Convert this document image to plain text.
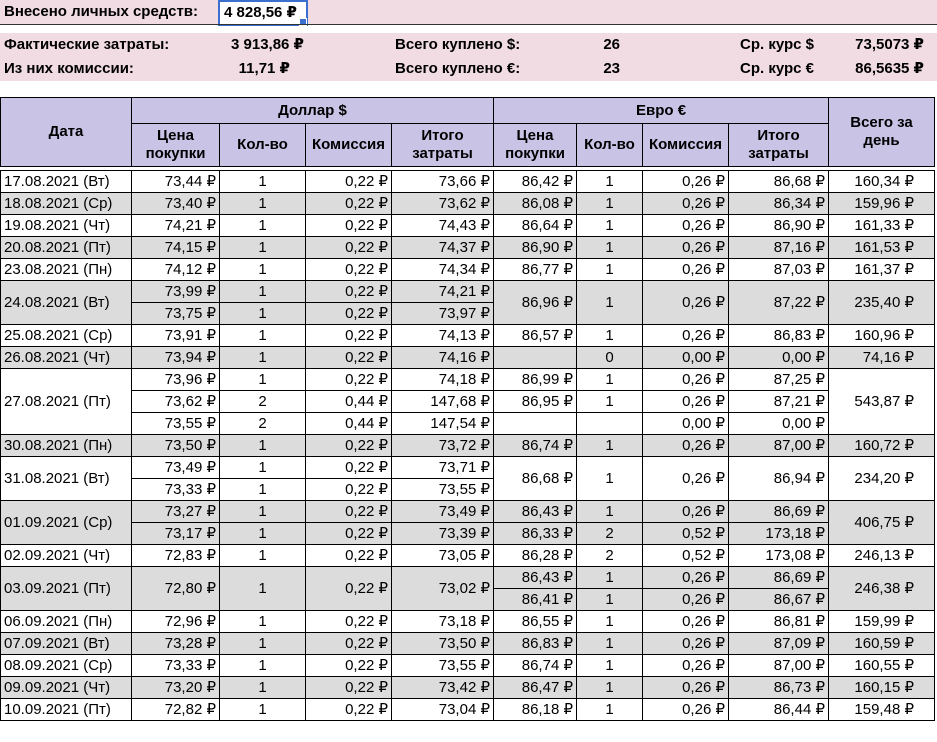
Внесено личных средств: 4 828,56 ₽
Фактические затраты:	3 913,86 ₽	Всего куплено $:	26	Ср. курс $	73,5073 ₽
Из них комиссии:	11,71 ₽	Всего куплено €:	23	Ср. курс €	86,5635 ₽
Дата	Доллар $				Евро €				Всего за день
	Цена покупки	Кол-во	Комиссия	Итого затраты	Цена покупки	Кол-во	Комиссия	Итого затраты	

17.08.2021 (Вт)	73,44 ₽	1	0,22 ₽	73,66 ₽	86,42 ₽	1	0,26 ₽	86,68 ₽	160,34 ₽
18.08.2021 (Ср)	73,40 ₽	1	0,22 ₽	73,62 ₽	86,08 ₽	1	0,26 ₽	86,34 ₽	159,96 ₽
19.08.2021 (Чт)	74,21 ₽	1	0,22 ₽	74,43 ₽	86,64 ₽	1	0,26 ₽	86,90 ₽	161,33 ₽
20.08.2021 (Пт)	74,15 ₽	1	0,22 ₽	74,37 ₽	86,90 ₽	1	0,26 ₽	87,16 ₽	161,53 ₽
23.08.2021 (Пн)	74,12 ₽	1	0,22 ₽	74,34 ₽	86,77 ₽	1	0,26 ₽	87,03 ₽	161,37 ₽
24.08.2021 (Вт)	73,99 ₽	1	0,22 ₽	74,21 ₽	86,96 ₽	1	0,26 ₽	87,22 ₽	235,40 ₽
	73,75 ₽	1	0,22 ₽	73,97 ₽					
25.08.2021 (Ср)	73,91 ₽	1	0,22 ₽	74,13 ₽	86,57 ₽	1	0,26 ₽	86,83 ₽	160,96 ₽
26.08.2021 (Чт)	73,94 ₽	1	0,22 ₽	74,16 ₽		0	0,00 ₽	0,00 ₽	74,16 ₽
27.08.2021 (Пт)	73,96 ₽	1	0,22 ₽	74,18 ₽	86,99 ₽	1	0,26 ₽	87,25 ₽	543,87 ₽
	73,62 ₽	2	0,44 ₽	147,68 ₽	86,95 ₽	1	0,26 ₽	87,21 ₽	
	73,55 ₽	2	0,44 ₽	147,54 ₽			0,00 ₽	0,00 ₽	
30.08.2021 (Пн)	73,50 ₽	1	0,22 ₽	73,72 ₽	86,74 ₽	1	0,26 ₽	87,00 ₽	160,72 ₽
31.08.2021 (Вт)	73,49 ₽	1	0,22 ₽	73,71 ₽	86,68 ₽	1	0,26 ₽	86,94 ₽	234,20 ₽
	73,33 ₽	1	0,22 ₽	73,55 ₽					
01.09.2021 (Ср)	73,27 ₽	1	0,22 ₽	73,49 ₽	86,43 ₽	1	0,26 ₽	86,69 ₽	406,75 ₽
	73,17 ₽	1	0,22 ₽	73,39 ₽	86,33 ₽	2	0,52 ₽	173,18 ₽	
02.09.2021 (Чт)	72,83 ₽	1	0,22 ₽	73,05 ₽	86,28 ₽	2	0,52 ₽	173,08 ₽	246,13 ₽
03.09.2021 (Пт)	72,80 ₽	1	0,22 ₽	73,02 ₽	86,43 ₽	1	0,26 ₽	86,69 ₽	246,38 ₽
					86,41 ₽	1	0,26 ₽	86,67 ₽	
06.09.2021 (Пн)	72,96 ₽	1	0,22 ₽	73,18 ₽	86,55 ₽	1	0,26 ₽	86,81 ₽	159,99 ₽
07.09.2021 (Вт)	73,28 ₽	1	0,22 ₽	73,50 ₽	86,83 ₽	1	0,26 ₽	87,09 ₽	160,59 ₽
08.09.2021 (Ср)	73,33 ₽	1	0,22 ₽	73,55 ₽	86,74 ₽	1	0,26 ₽	87,00 ₽	160,55 ₽
09.09.2021 (Чт)	73,20 ₽	1	0,22 ₽	73,42 ₽	86,47 ₽	1	0,26 ₽	86,73 ₽	160,15 ₽
10.09.2021 (Пт)	72,82 ₽	1	0,22 ₽	73,04 ₽	86,18 ₽	1	0,26 ₽	86,44 ₽	159,48 ₽
